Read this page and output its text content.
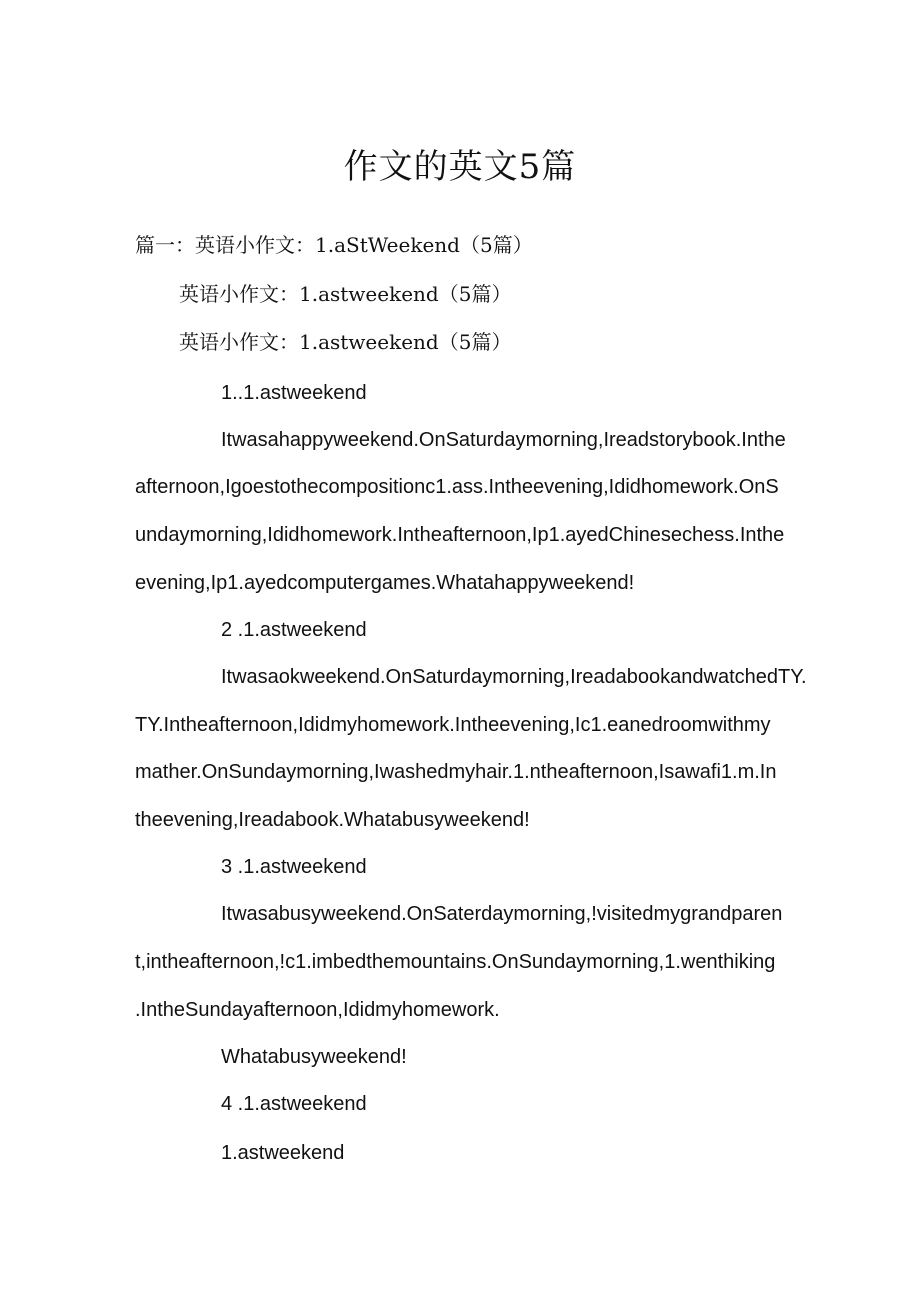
作文的英文5篇
篇一：英语小作文：1.aStWeekend（5篇）
英语小作文：1.astweekend（5篇）
英语小作文：1.astweekend（5篇）
1..1.astweekend
Itwasahappyweekend.OnSaturdaymorning,Ireadstorybook.Inthe
afternoon,Igoestothecompositionc1.ass.Intheevening,Ididhomework.OnS
undaymorning,Ididhomework.Intheafternoon,Ip1.ayedChinesechess.Inthe
evening,Ip1.ayedcomputergames.Whatahappyweekend!
2 .1.astweekend
Itwasaokweekend.OnSaturdaymorning,IreadabookandwatchedTY.
TY.Intheafternoon,Ididmyhomework.Intheevening,Ic1.eanedroomwithmy
mather.OnSundaymorning,Iwashedmyhair.1.ntheafternoon,Isawafi1.m.In
theevening,Ireadabook.Whatabusyweekend!
3 .1.astweekend
Itwasabusyweekend.OnSaterdaymorning,!visitedmygrandparen
t,intheafternoon,!c1.imbedthemountains.OnSundaymorning,1.wenthiking
.IntheSundayafternoon,Ididmyhomework.
Whatabusyweekend!
4 .1.astweekend
1.astweekend
